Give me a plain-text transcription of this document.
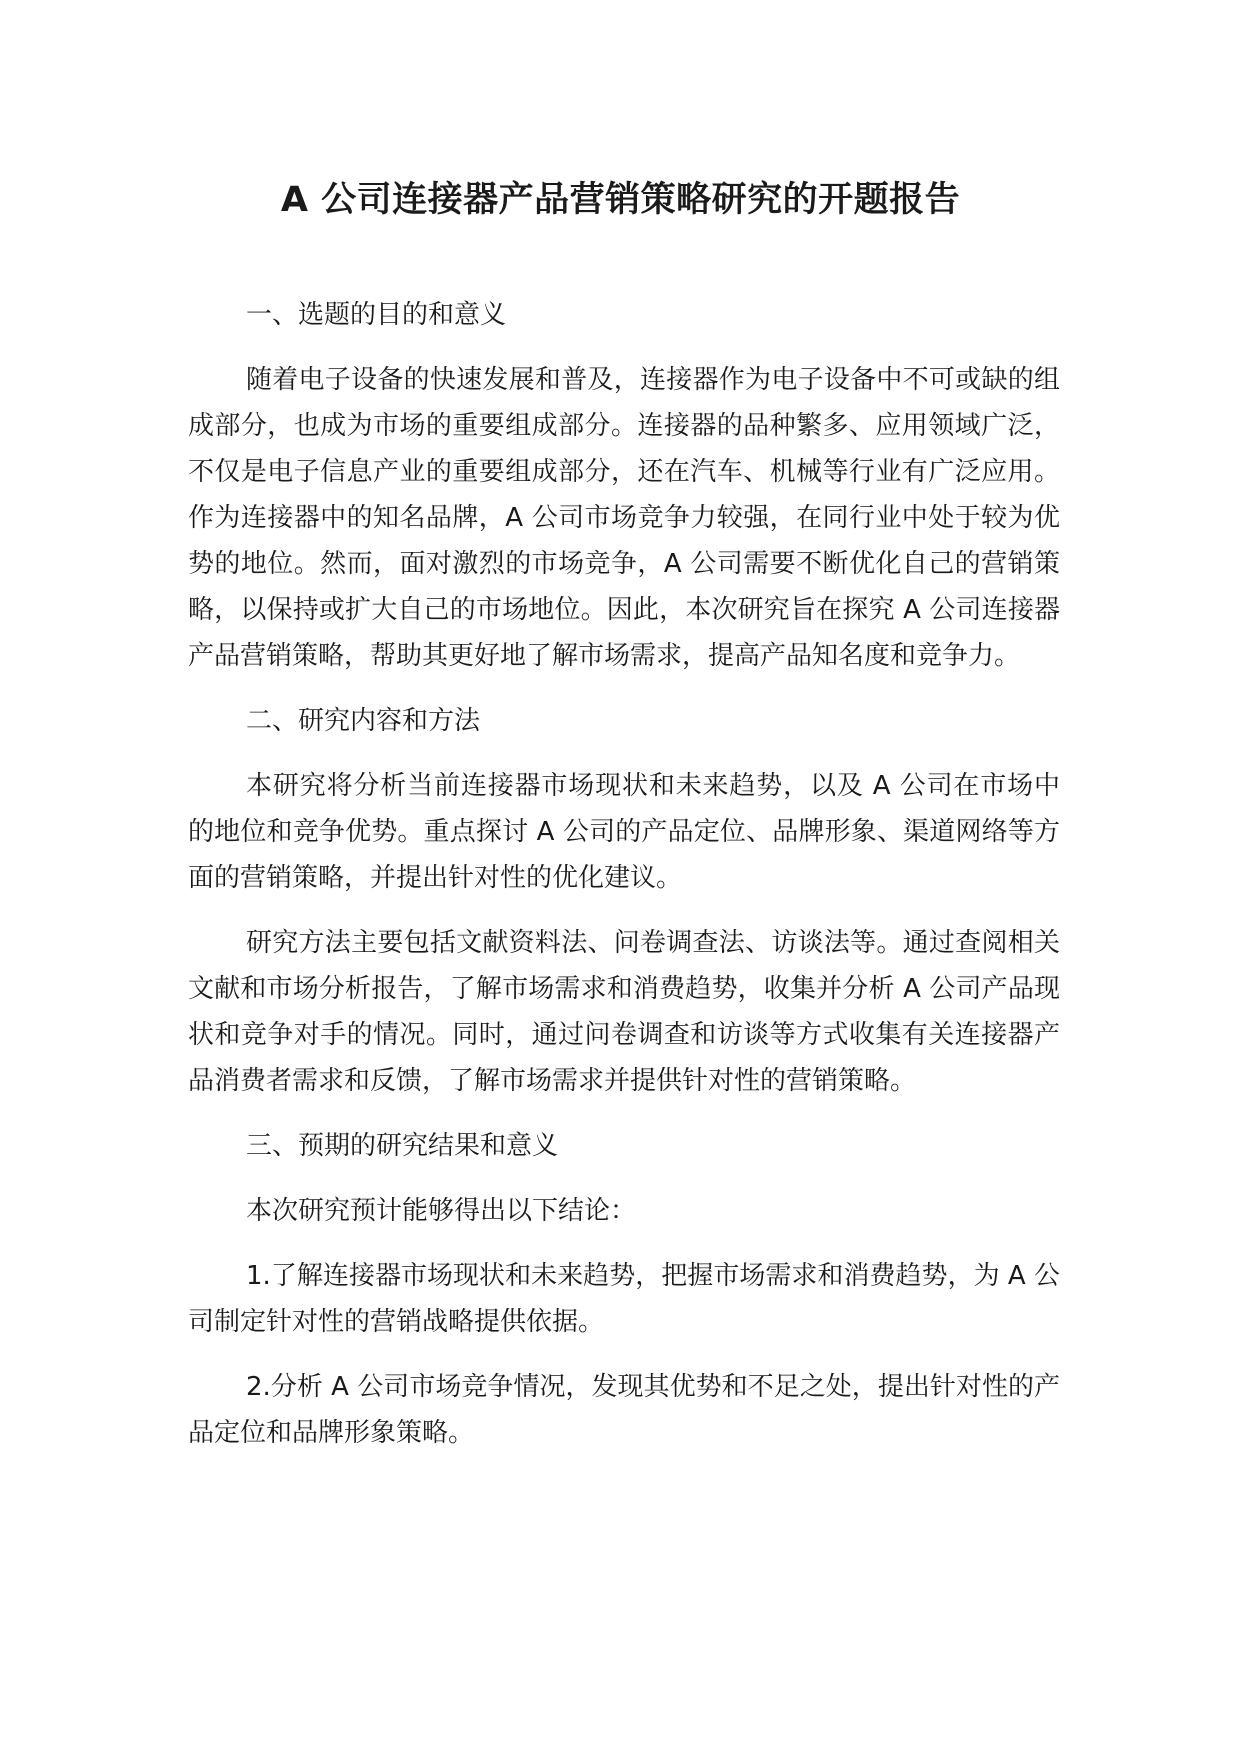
A 公司连接器产品营销策略研究的开题报告

一、选题的目的和意义

随着电子设备的快速发展和普及，连接器作为电子设备中不可或缺的组成部分，也成为市场的重要组成部分。连接器的品种繁多、应用领域广泛，不仅是电子信息产业的重要组成部分，还在汽车、机械等行业有广泛应用。作为连接器中的知名品牌，A 公司市场竞争力较强，在同行业中处于较为优势的地位。然而，面对激烈的市场竞争，A 公司需要不断优化自己的营销策略，以保持或扩大自己的市场地位。因此，本次研究旨在探究 A 公司连接器产品营销策略，帮助其更好地了解市场需求，提高产品知名度和竞争力。

二、研究内容和方法

本研究将分析当前连接器市场现状和未来趋势，以及 A 公司在市场中的地位和竞争优势。重点探讨 A 公司的产品定位、品牌形象、渠道网络等方面的营销策略，并提出针对性的优化建议。

研究方法主要包括文献资料法、问卷调查法、访谈法等。通过查阅相关文献和市场分析报告，了解市场需求和消费趋势，收集并分析 A 公司产品现状和竞争对手的情况。同时，通过问卷调查和访谈等方式收集有关连接器产品消费者需求和反馈，了解市场需求并提供针对性的营销策略。

三、预期的研究结果和意义

本次研究预计能够得出以下结论：

1.了解连接器市场现状和未来趋势，把握市场需求和消费趋势，为 A 公司制定针对性的营销战略提供依据。

2.分析 A 公司市场竞争情况，发现其优势和不足之处，提出针对性的产品定位和品牌形象策略。
